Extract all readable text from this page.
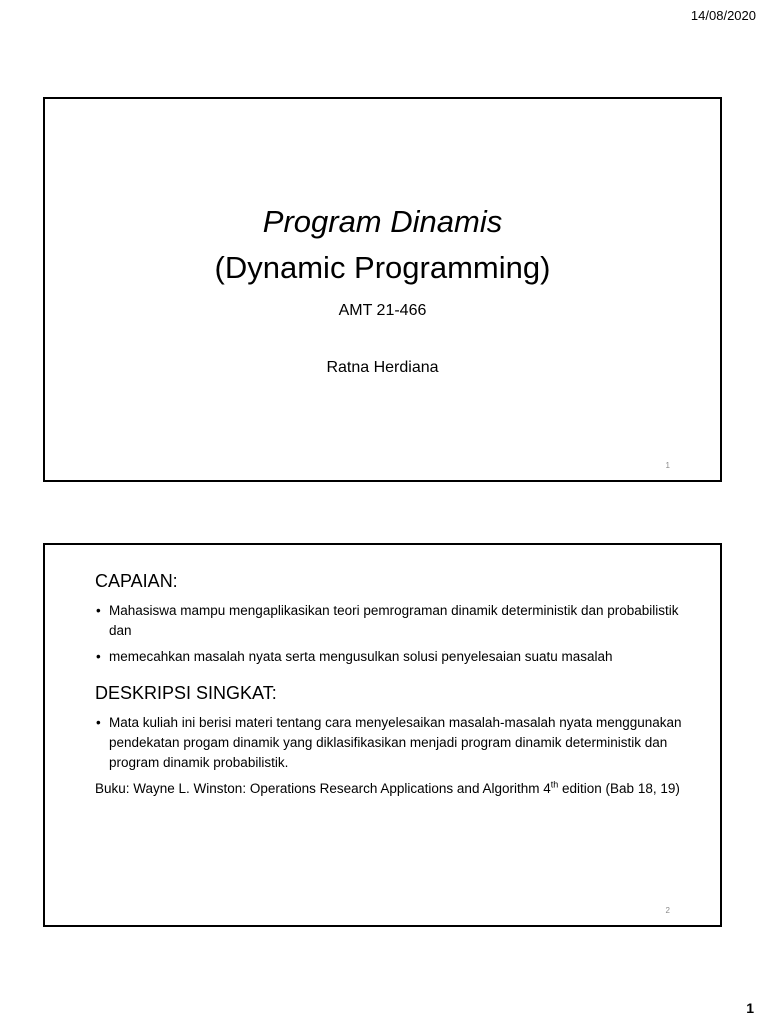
14/08/2020
Program Dinamis
(Dynamic Programming)
AMT 21-466
Ratna Herdiana
1
CAPAIAN:
• Mahasiswa mampu mengaplikasikan teori pemrograman dinamik deterministik dan probabilistik dan
• memecahkan masalah nyata serta mengusulkan solusi penyelesaian suatu masalah
DESKRIPSI SINGKAT:
• Mata kuliah ini berisi materi tentang cara menyelesaikan masalah-masalah nyata menggunakan pendekatan progam dinamik yang diklasifikasikan menjadi program dinamik deterministik dan program dinamik probabilistik.
Buku: Wayne L. Winston: Operations Research Applications and Algorithm 4th edition (Bab 18, 19)
2
1
